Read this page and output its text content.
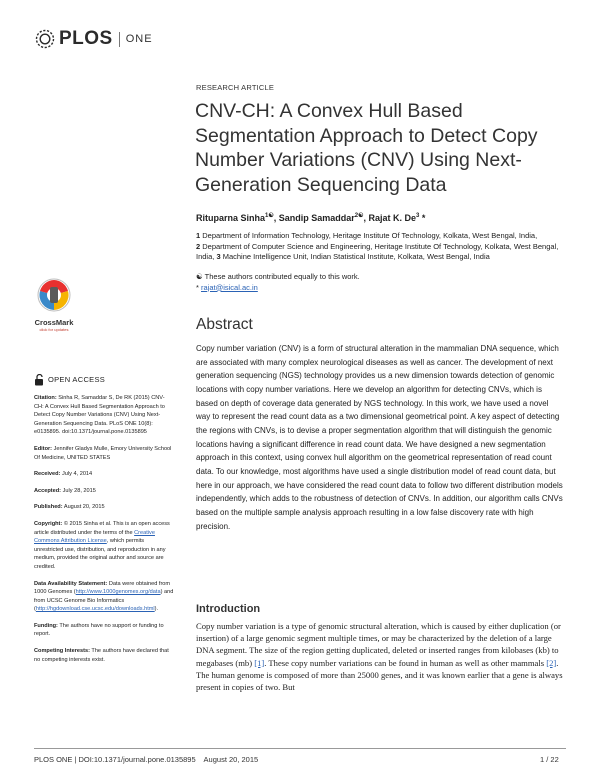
PLOS ONE
RESEARCH ARTICLE
CNV-CH: A Convex Hull Based Segmentation Approach to Detect Copy Number Variations (CNV) Using Next-Generation Sequencing Data
Rituparna Sinha$^{1☯}$, Sandip Samaddar$^{2☯}$, Rajat K. De$^3$ *

1 Department of Information Technology, Heritage Institute Of Technology, Kolkata, West Bengal, India,

2 Department of Computer Science and Engineering, Heritage Institute Of Technology, Kolkata, West Bengal, India, 3 Machine Intelligence Unit, Indian Statistical Institute, Kolkata, West Bengal, India

☯ These authors contributed equally to this work.
* rajat@isical.ac.in
CrossMark
click for updates	Abstract

Copy number variation (CNV) is a form of structural alteration in the mammalian DNA sequence, which are associated with many complex neurological diseases as well as cancer. The development of next generation sequencing (NGS) technology provides us a new dimension towards detection of genomic locations with copy number variations. Here we develop an algorithm for detecting CNVs, which is based on depth of coverage data generated by NGS technology. In this work, we have used a novel way to represent the read count data as a two dimensional geometrical point. A key aspect of detecting the regions with CNVs, is to devise a proper segmentation algorithm that will distinguish the genomic locations having a significant difference in read count data. We have designed a new segmentation approach in this context, using convex hull algorithm on the geometrical representation of read count data. To our knowledge, most algorithms have used a single distribution model of read count data, but here in our approach, we have considered the read count data to follow two different distribution models independently, which adds to the robustness of detection of CNVs. In addition, our algorithm calls CNVs based on the multiple sample analysis approach resulting in a low false discovery rate with high precision.

OPEN ACCESS

Citation: Sinha R, Samaddar S, De RK (2015) CNV-CH: A Convex Hull Based Segmentation Approach to Detect Copy Number Variations (CNV) Using Next-Generation Sequencing Data. PLoS ONE 10(8): e0135895. doi:10.1371/journal.pone.0135895

Editor: Jennifer Gladys Mulle, Emory University School Of Medicine, UNITED STATES

Received: July 4, 2014

Accepted: July 28, 2015

Published: August 20, 2015

Copyright: © 2015 Sinha et al. This is an open access article distributed under the terms of the Creative Commons Attribution License, which permits unrestricted use, distribution, and reproduction in any medium, provided the original author and source are credited.

Data Availability Statement: Data were obtained from 1000 Genomes (http://www.1000genomes.org/data) and from UCSC Genome Bio Informatics (http://hgdownload.cse.ucsc.edu/downloads.html).

Funding: The authors have no support or funding to report.

Competing Interests: The authors have declared that no competing interests exist.

Introduction

Copy number variation is a type of genomic structural alteration, which is caused by either duplication (or insertion) of a large genomic segment multiple times, or may be characterized by the deletion of a large DNA segment. The size of the region getting duplicated, deleted or inserted ranges from kilobases (kb) to megabases (mb) [1]. These copy number variations can be found in human as well as other mammals [2]. The human genome is composed of more than 25000 genes, and it was known earlier that a gene is always present in copies of two. But

PLOS ONE | DOI:10.1371/journal.pone.0135895    August 20, 2015	1 / 22
